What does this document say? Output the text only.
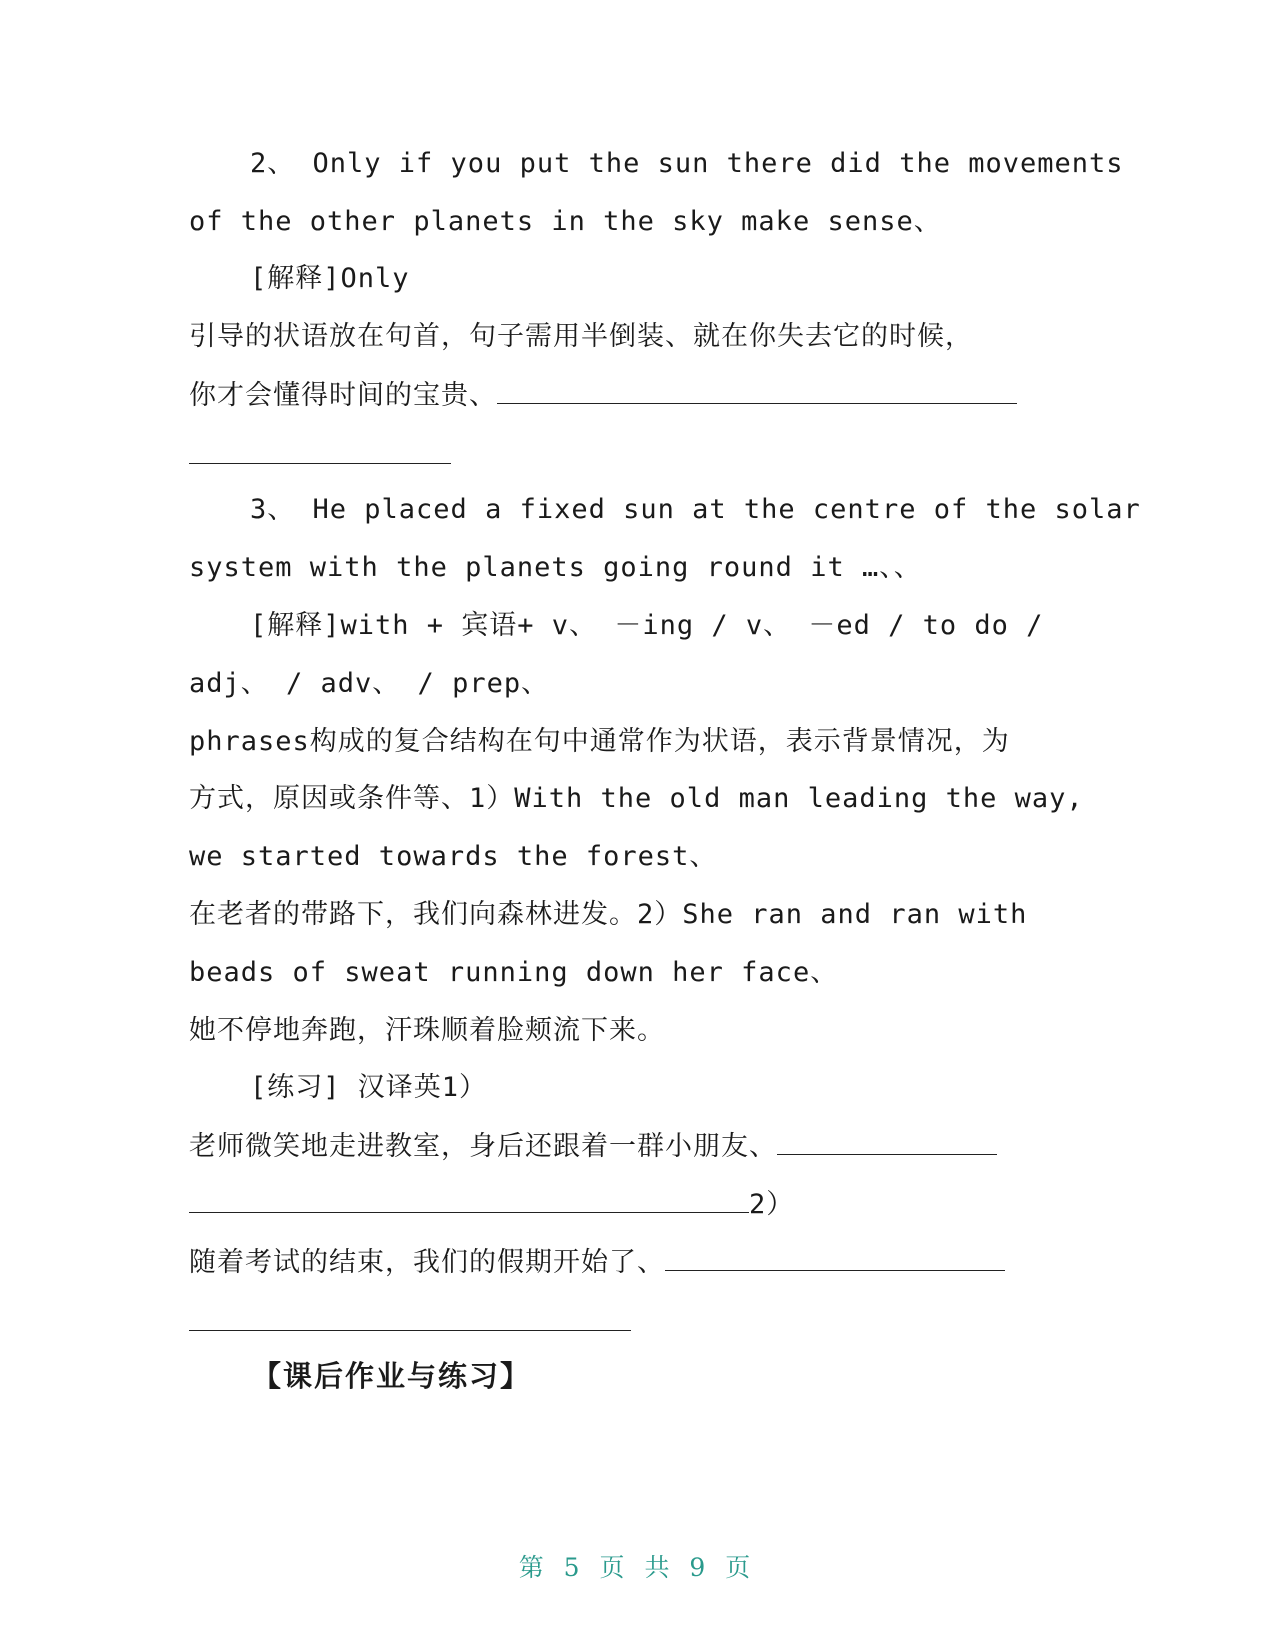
2、 Only if you put the sun there did the movements
of the other planets in the sky make sense、
[解释]Only
引导的状语放在句首，句子需用半倒装、就在你失去它的时候，
你才会懂得时间的宝贵、
3、 He placed a fixed sun at the centre of the solar
system with the planets going round it …、、
[解释]with + 宾语+ v、 －ing / v、 －ed / to do /
adj、 / adv、 / prep、
phrases构成的复合结构在句中通常作为状语，表示背景情况，为
方式，原因或条件等、1）With the old man leading the way,
we started towards the forest、
在老者的带路下，我们向森林进发。2）She ran and ran with
beads of sweat running down her face、
她不停地奔跑，汗珠顺着脸颊流下来。
[练习] 汉译英1）
老师微笑地走进教室，身后还跟着一群小朋友、
2）
随着考试的结束，我们的假期开始了、
【课后作业与练习】
第 5 页 共 9 页
